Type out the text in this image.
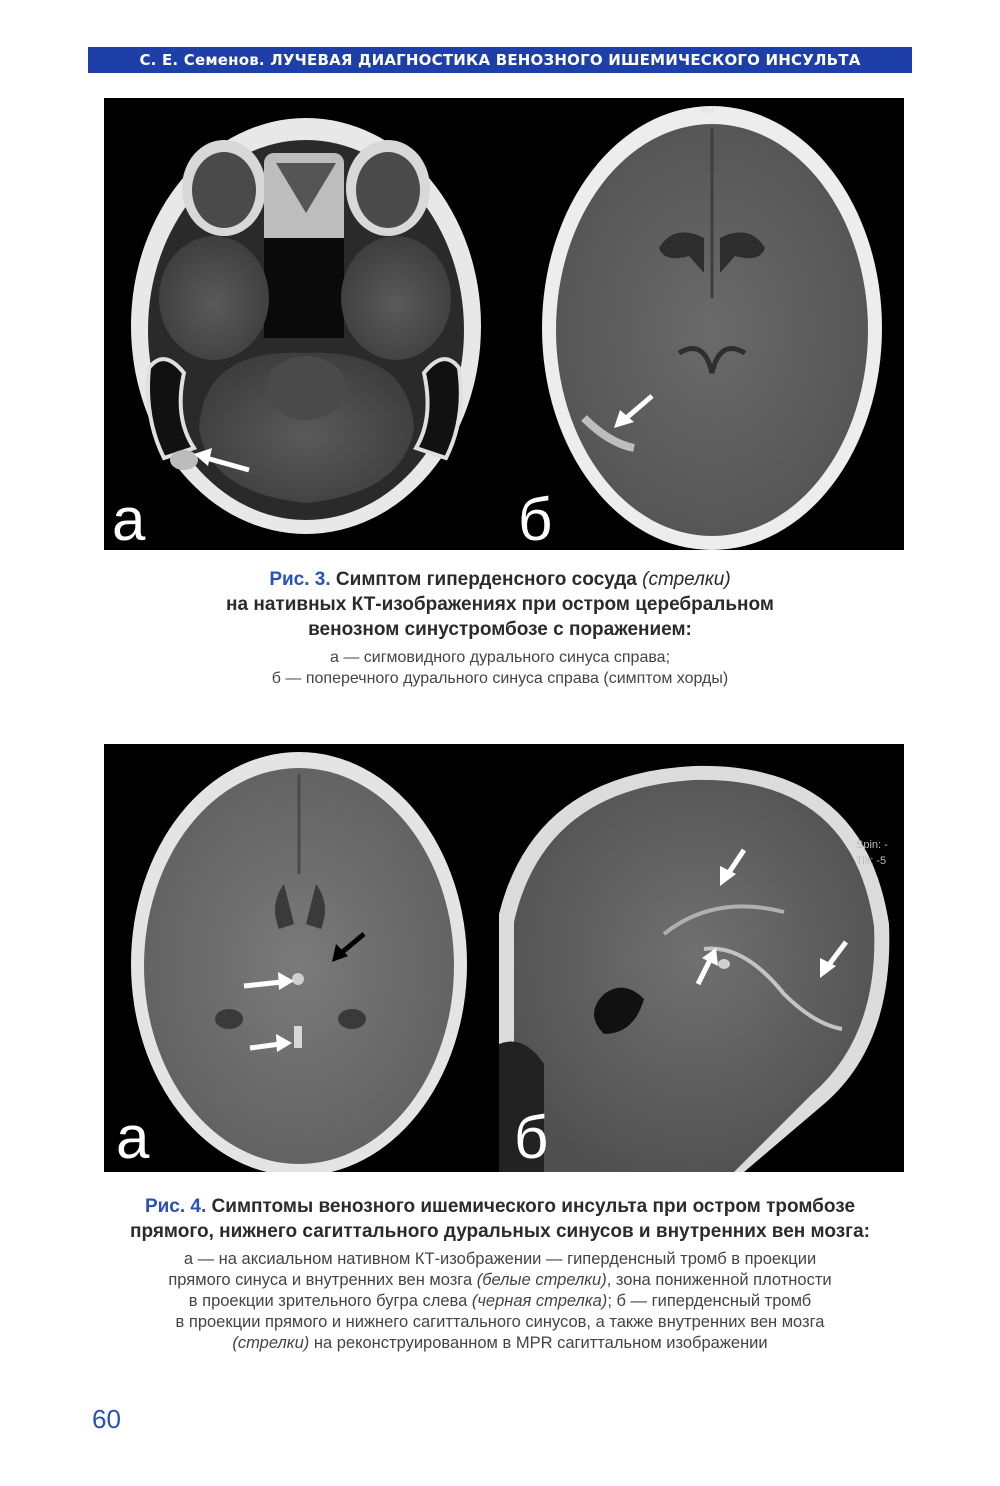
С. Е. Семенов. ЛУЧЕВАЯ ДИАГНОСТИКА ВЕНОЗНОГО ИШЕМИЧЕСКОГО ИНСУЛЬТА
AH
а	б
Рис. 3. Симптом гиперденсного сосуда (стрелки)
на нативных КТ-изображениях при остром церебральном
венозном синустромбозе с поражением:
а — сигмовидного дурального синуса справа;
б — поперечного дурального синуса справа (симптом хорды)
Spin: -
Tilt: -5
а	б
Рис. 4. Симптомы венозного ишемического инсульта при остром тромбозе
прямого, нижнего сагиттального дуральных синусов и внутренних вен мозга:
а — на аксиальном нативном КТ-изображении — гиперденсный тромб в проекции
прямого синуса и внутренних вен мозга (белые стрелки), зона пониженной плотности
в проекции зрительного бугра слева (черная стрелка); б — гиперденсный тромб
в проекции прямого и нижнего сагиттального синусов, а также внутренних вен мозга
(стрелки) на реконструированном в MPR сагиттальном изображении
60
